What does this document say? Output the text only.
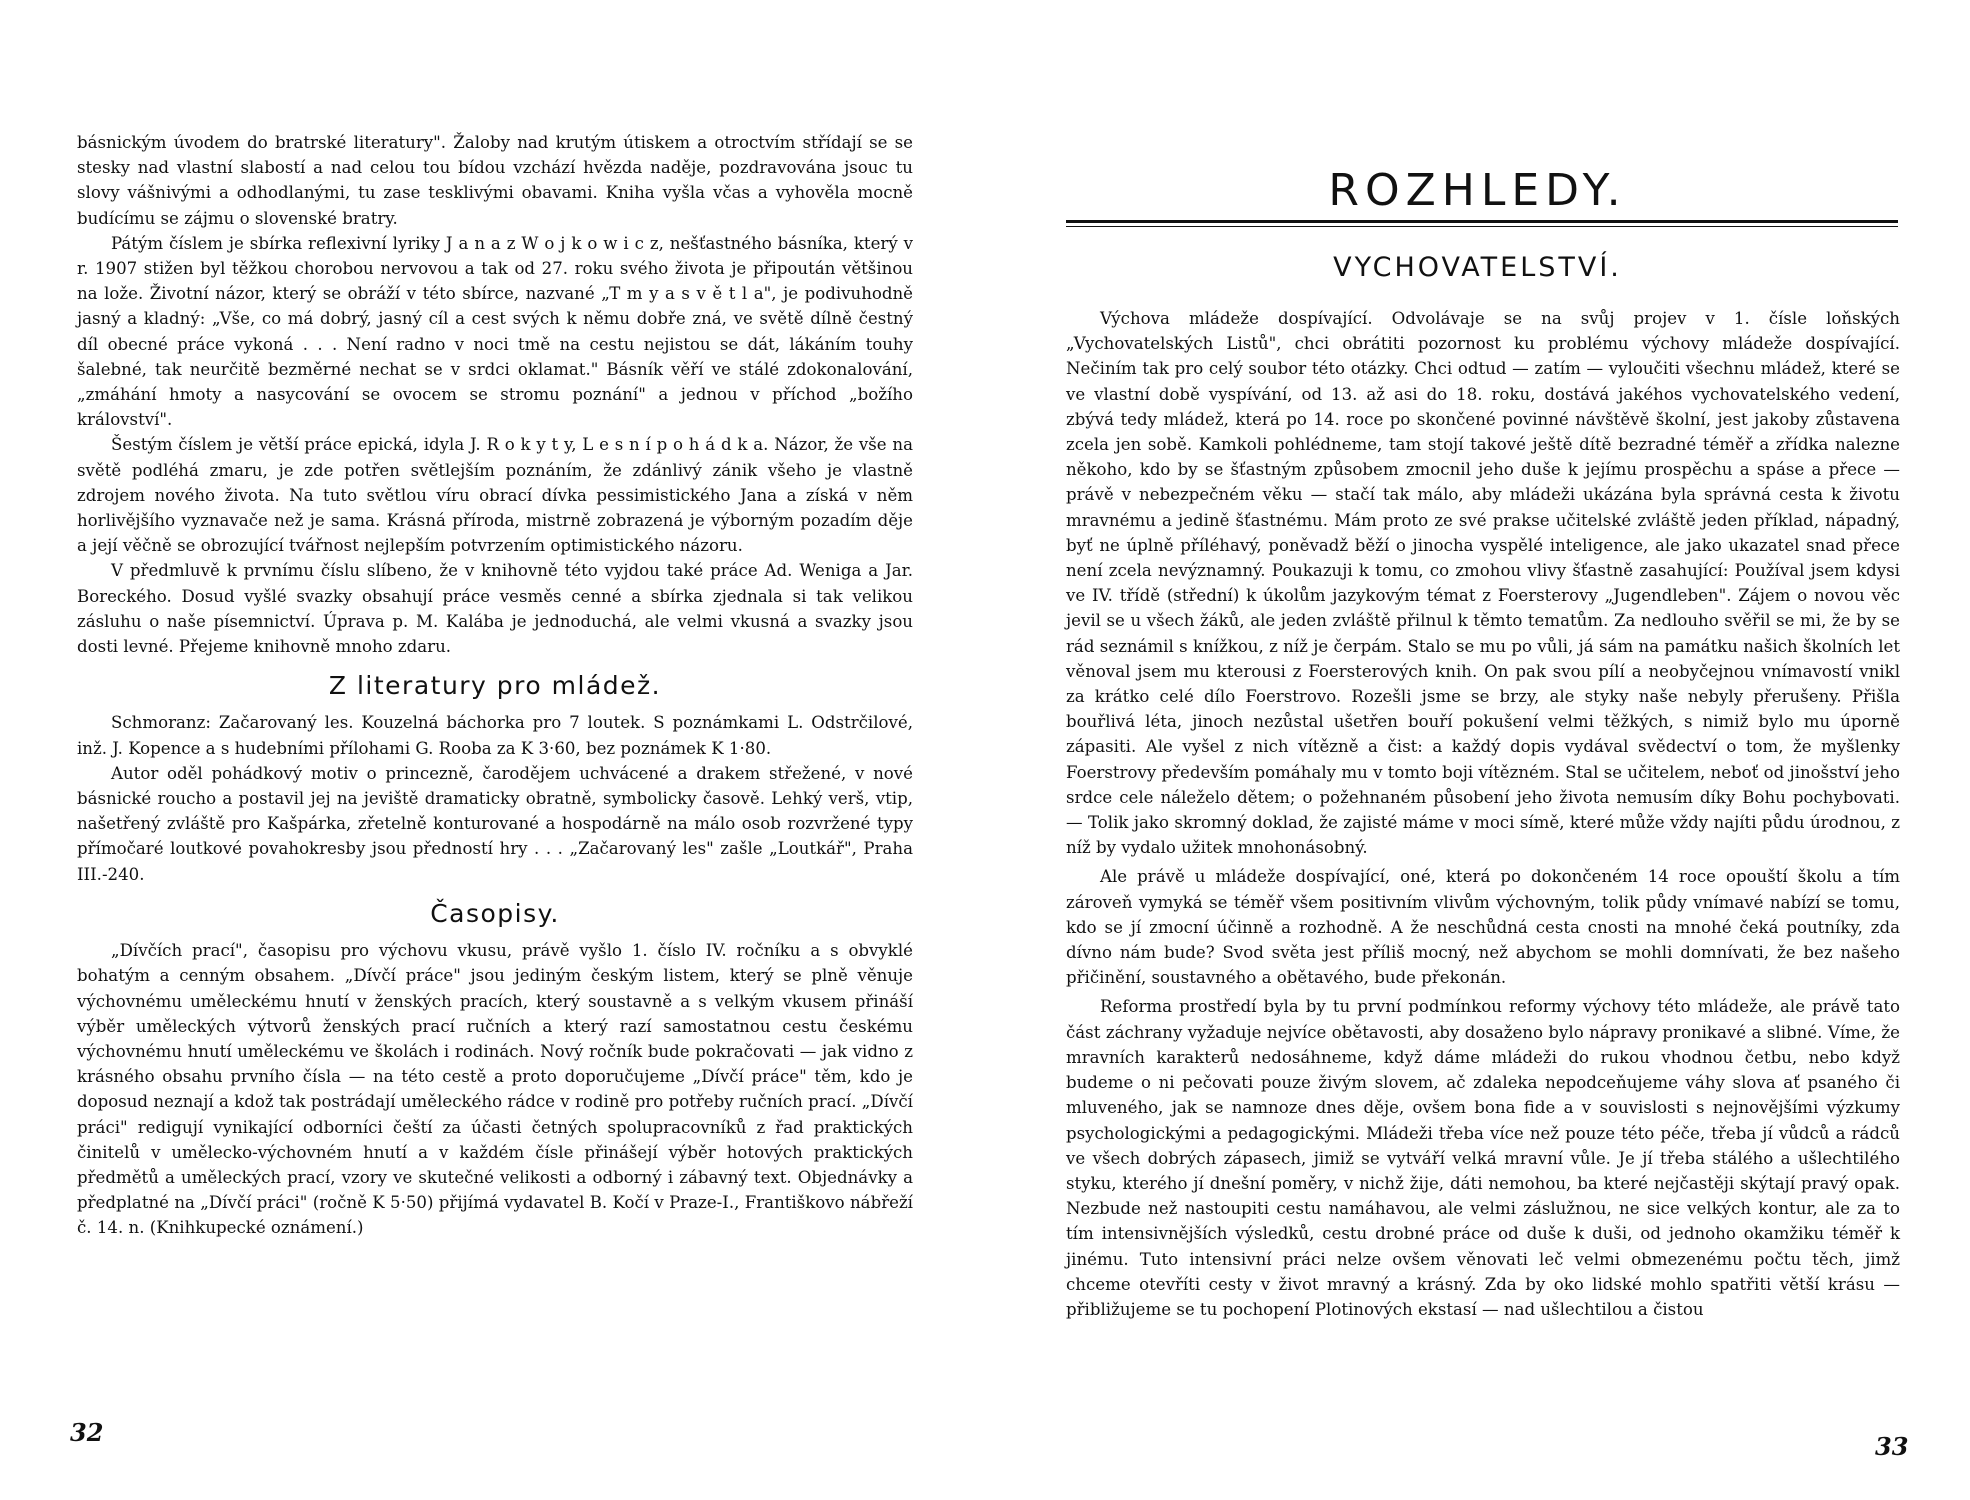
básnickým úvodem do bratrské literatury". Žaloby nad krutým útiskem a otroctvím střídají se se stesky nad vlastní slabostí a nad celou tou bídou vzchází hvězda naděje, pozdravována jsouc tu slovy vášnivými a odhodlanými, tu zase tesklivými obavami. Kniha vyšla včas a vyhověla mocně budícímu se zájmu o slovenské bratry.

Pátým číslem je sbírka reflexivní lyriky J a n a z W o j k o w i c z, nešťastného básníka, který v r. 1907 stižen byl těžkou chorobou nervovou a tak od 27. roku svého života je připoután většinou na lože. Životní názor, který se obráží v této sbírce, nazvané „T m y a s v ě t l a", je podivuhodně jasný a kladný: „Vše, co má dobrý, jasný cíl a cest svých k němu dobře zná, ve světě dílně čestný díl obecné práce vykoná . . . Není radno v noci tmě na cestu nejistou se dát, lákáním touhy šalebné, tak neurčitě bezměrné nechat se v srdci oklamat." Básník věří ve stálé zdokonalování, „zmáhání hmoty a nasycování se ovocem se stromu poznání" a jednou v příchod „božího království".

Šestým číslem je větší práce epická, idyla J. R o k y t y, L e s n í p o h á d k a. Názor, že vše na světě podléhá zmaru, je zde potřen světlejším poznáním, že zdánlivý zánik všeho je vlastně zdrojem nového života. Na tuto světlou víru obrací dívka pessimistického Jana a získá v něm horlivějšího vyznavače než je sama. Krásná příroda, mistrně zobrazená je výborným pozadím děje a její věčně se obrozující tvářnost nejlepším potvrzením optimistického názoru.

V předmluvě k prvnímu číslu slíbeno, že v knihovně této vyjdou také práce Ad. Weniga a Jar. Boreckého. Dosud vyšlé svazky obsahují práce vesměs cenné a sbírka zjednala si tak velikou zásluhu o naše písemnictví. Úprava p. M. Kalába je jednoduchá, ale velmi vkusná a svazky jsou dosti levné. Přejeme knihovně mnoho zdaru.

Z literatury pro mládež.

Schmoranz: Začarovaný les. Kouzelná báchorka pro 7 loutek. S poznámkami L. Odstrčilové, inž. J. Kopence a s hudebními přílohami G. Rooba za K 3·60, bez poznámek K 1·80.

Autor oděl pohádkový motiv o princezně, čarodějem uchvácené a drakem střežené, v nové básnické roucho a postavil jej na jeviště dramaticky obratně, symbolicky časově. Lehký verš, vtip, našetřený zvláště pro Kašpárka, zřetelně konturované a hospodárně na málo osob rozvržené typy přímočaré loutkové povahokresby jsou předností hry . . . „Začarovaný les" zašle „Loutkář", Praha III.-240.

Časopisy.

„Dívčích prací", časopisu pro výchovu vkusu, právě vyšlo 1. číslo IV. ročníku a s obvyklé bohatým a cenným obsahem. „Dívčí práce" jsou jediným českým listem, který se plně věnuje výchovnému uměleckému hnutí v ženských pracích, který soustavně a s velkým vkusem přináší výběr uměleckých výtvorů ženských prací ručních a který razí samostatnou cestu českému výchovnému hnutí uměleckému ve školách i rodinách. Nový ročník bude pokračovati — jak vidno z krásného obsahu prvního čísla — na této cestě a proto doporučujeme „Dívčí práce" těm, kdo je doposud neznají a kdož tak postrádají uměleckého rádce v rodině pro potřeby ručních prací. „Dívčí práci" redigují vynikající odborníci čeští za účasti četných spolupracovníků z řad praktických činitelů v umělecko-výchovném hnutí a v každém čísle přinášejí výběr hotových praktických předmětů a uměleckých prací, vzory ve skutečné velikosti a odborný i zábavný text. Objednávky a předplatné na „Dívčí práci" (ročně K 5·50) přijímá vydavatel B. Kočí v Praze-I., Františkovo nábřeží č. 14. n. (Knihkupecké oznámení.)

32
ROZHLEDY.
VYCHOVATELSTVÍ.

Výchova mládeže dospívající. Odvolávaje se na svůj projev v 1. čísle loňských „Vychovatelských Listů", chci obrátiti pozornost ku problému výchovy mládeže dospívající. Nečiním tak pro celý soubor této otázky. Chci odtud — zatím — vyloučiti všechnu mládež, které se ve vlastní době vyspívání, od 13. až asi do 18. roku, dostává jakéhos vychovatelského vedení, zbývá tedy mládež, která po 14. roce po skončené povinné návštěvě školní, jest jakoby zůstavena zcela jen sobě. Kamkoli pohlédneme, tam stojí takové ještě dítě bezradné téměř a zřídka nalezne někoho, kdo by se šťastným způsobem zmocnil jeho duše k jejímu prospěchu a spáse a přece — právě v nebezpečném věku — stačí tak málo, aby mládeži ukázána byla správná cesta k životu mravnému a jedině šťastnému. Mám proto ze své prakse učitelské zvláště jeden příklad, nápadný, byť ne úplně příléhavý, poněvadž běží o jinocha vyspělé inteligence, ale jako ukazatel snad přece není zcela nevýznamný. Poukazuji k tomu, co zmohou vlivy šťastně zasahující: Používal jsem kdysi ve IV. třídě (střední) k úkolům jazykovým témat z Foersterovy „Jugendleben". Zájem o novou věc jevil se u všech žáků, ale jeden zvláště přilnul k těmto tematům. Za nedlouho svěřil se mi, že by se rád seznámil s knížkou, z níž je čerpám. Stalo se mu po vůli, já sám na památku našich školních let věnoval jsem mu kterousi z Foersterových knih. On pak svou pílí a neobyčejnou vnímavostí vnikl za krátko celé dílo Foerstrovo. Rozešli jsme se brzy, ale styky naše nebyly přerušeny. Přišla bouřlivá léta, jinoch nezůstal ušetřen bouří pokušení velmi těžkých, s nimiž bylo mu úporně zápasiti. Ale vyšel z nich vítězně a čist: a každý dopis vydával svědectví o tom, že myšlenky Foerstrovy především pomáhaly mu v tomto boji vítězném. Stal se učitelem, neboť od jinošství jeho srdce cele náleželo dětem; o požehnaném působení jeho života nemusím díky Bohu pochybovati. — Tolik jako skromný doklad, že zajisté máme v moci símě, které může vždy najíti půdu úrodnou, z níž by vydalo užitek mnohonásobný.

Ale právě u mládeže dospívající, oné, která po dokončeném 14 roce opouští školu a tím zároveň vymyká se téměř všem positivním vlivům výchovným, tolik půdy vnímavé nabízí se tomu, kdo se jí zmocní účinně a rozhodně. A že neschůdná cesta cnosti na mnohé čeká poutníky, zda dívno nám bude? Svod světa jest příliš mocný, než abychom se mohli domnívati, že bez našeho přičinění, soustavného a obětavého, bude překonán.

Reforma prostředí byla by tu první podmínkou reformy výchovy této mládeže, ale právě tato část záchrany vyžaduje nejvíce obětavosti, aby dosaženo bylo nápravy pronikavé a slibné. Víme, že mravních karakterů nedosáhneme, když dáme mládeži do rukou vhodnou četbu, nebo když budeme o ni pečovati pouze živým slovem, ač zdaleka nepodceňujeme váhy slova ať psaného či mluveného, jak se namnoze dnes děje, ovšem bona fide a v souvislosti s nejnovějšími výzkumy psychologickými a pedagogickými. Mládeži třeba více než pouze této péče, třeba jí vůdců a rádců ve všech dobrých zápasech, jimiž se vytváří velká mravní vůle. Je jí třeba stálého a ušlechtilého styku, kterého jí dnešní poměry, v nichž žije, dáti nemohou, ba které nejčastěji skýtají pravý opak. Nezbude než nastoupiti cestu namáhavou, ale velmi záslužnou, ne sice velkých kontur, ale za to tím intensivnějších výsledků, cestu drobné práce od duše k duši, od jednoho okamžiku téměř k jinému. Tuto intensivní práci nelze ovšem věnovati leč velmi obmezenému počtu těch, jimž chceme otevříti cesty v život mravný a krásný. Zda by oko lidské mohlo spatřiti větší krásu — přibližujeme se tu pochopení Plotinových ekstasí — nad ušlechtilou a čistou

33
